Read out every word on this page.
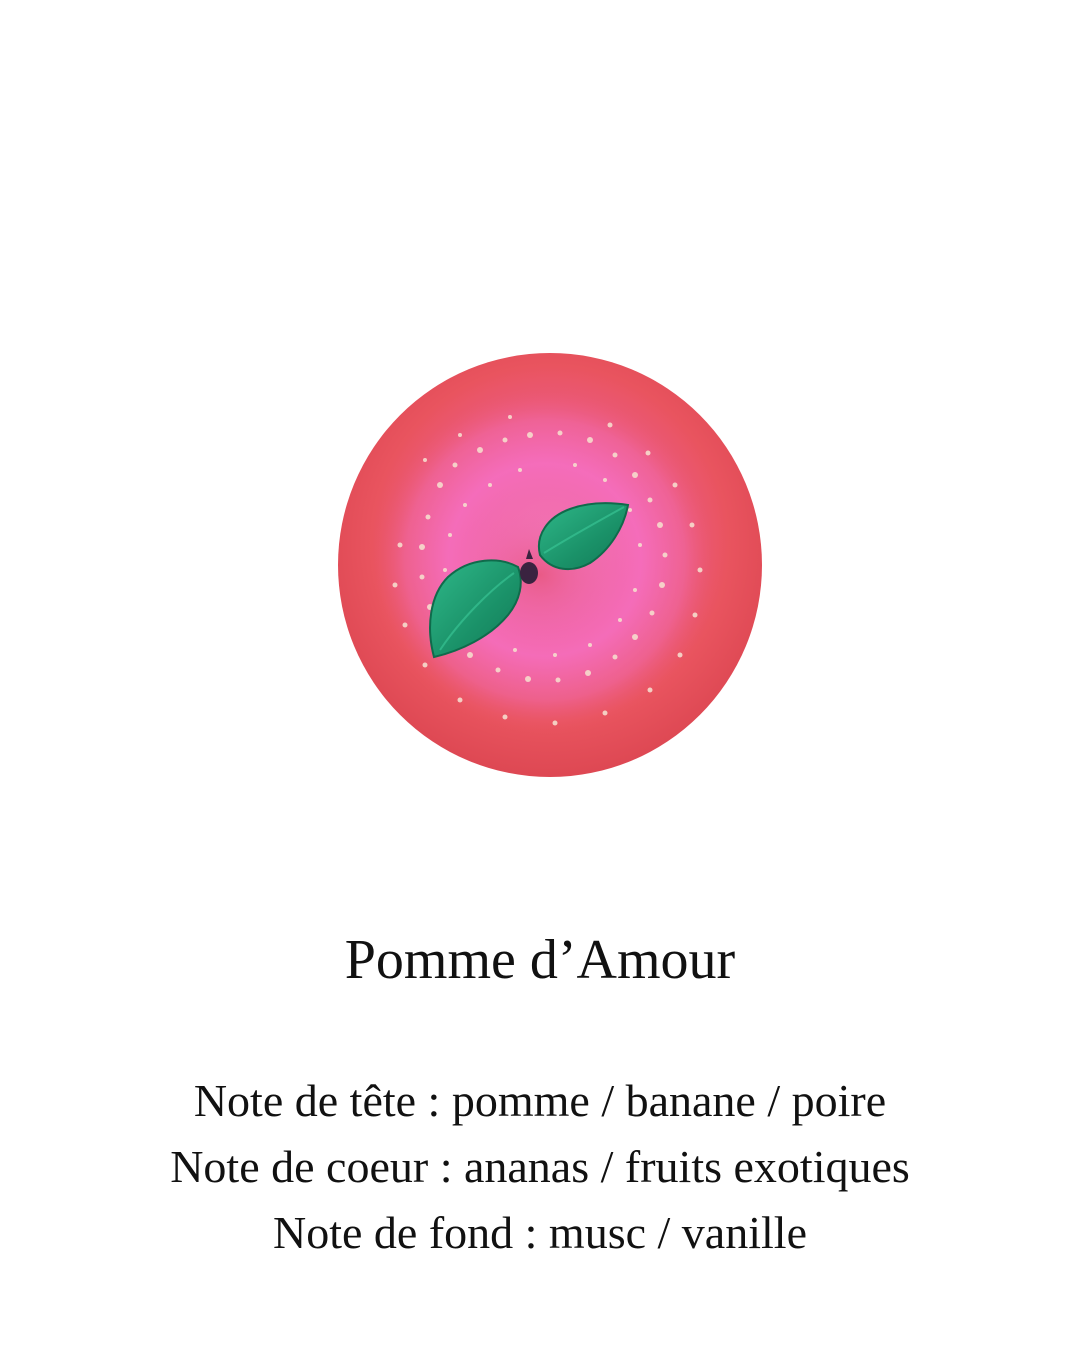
Pomme d’Amour
Note de tête : pomme / banane / poire
Note de coeur : ananas / fruits exotiques
Note de fond : musc / vanille
